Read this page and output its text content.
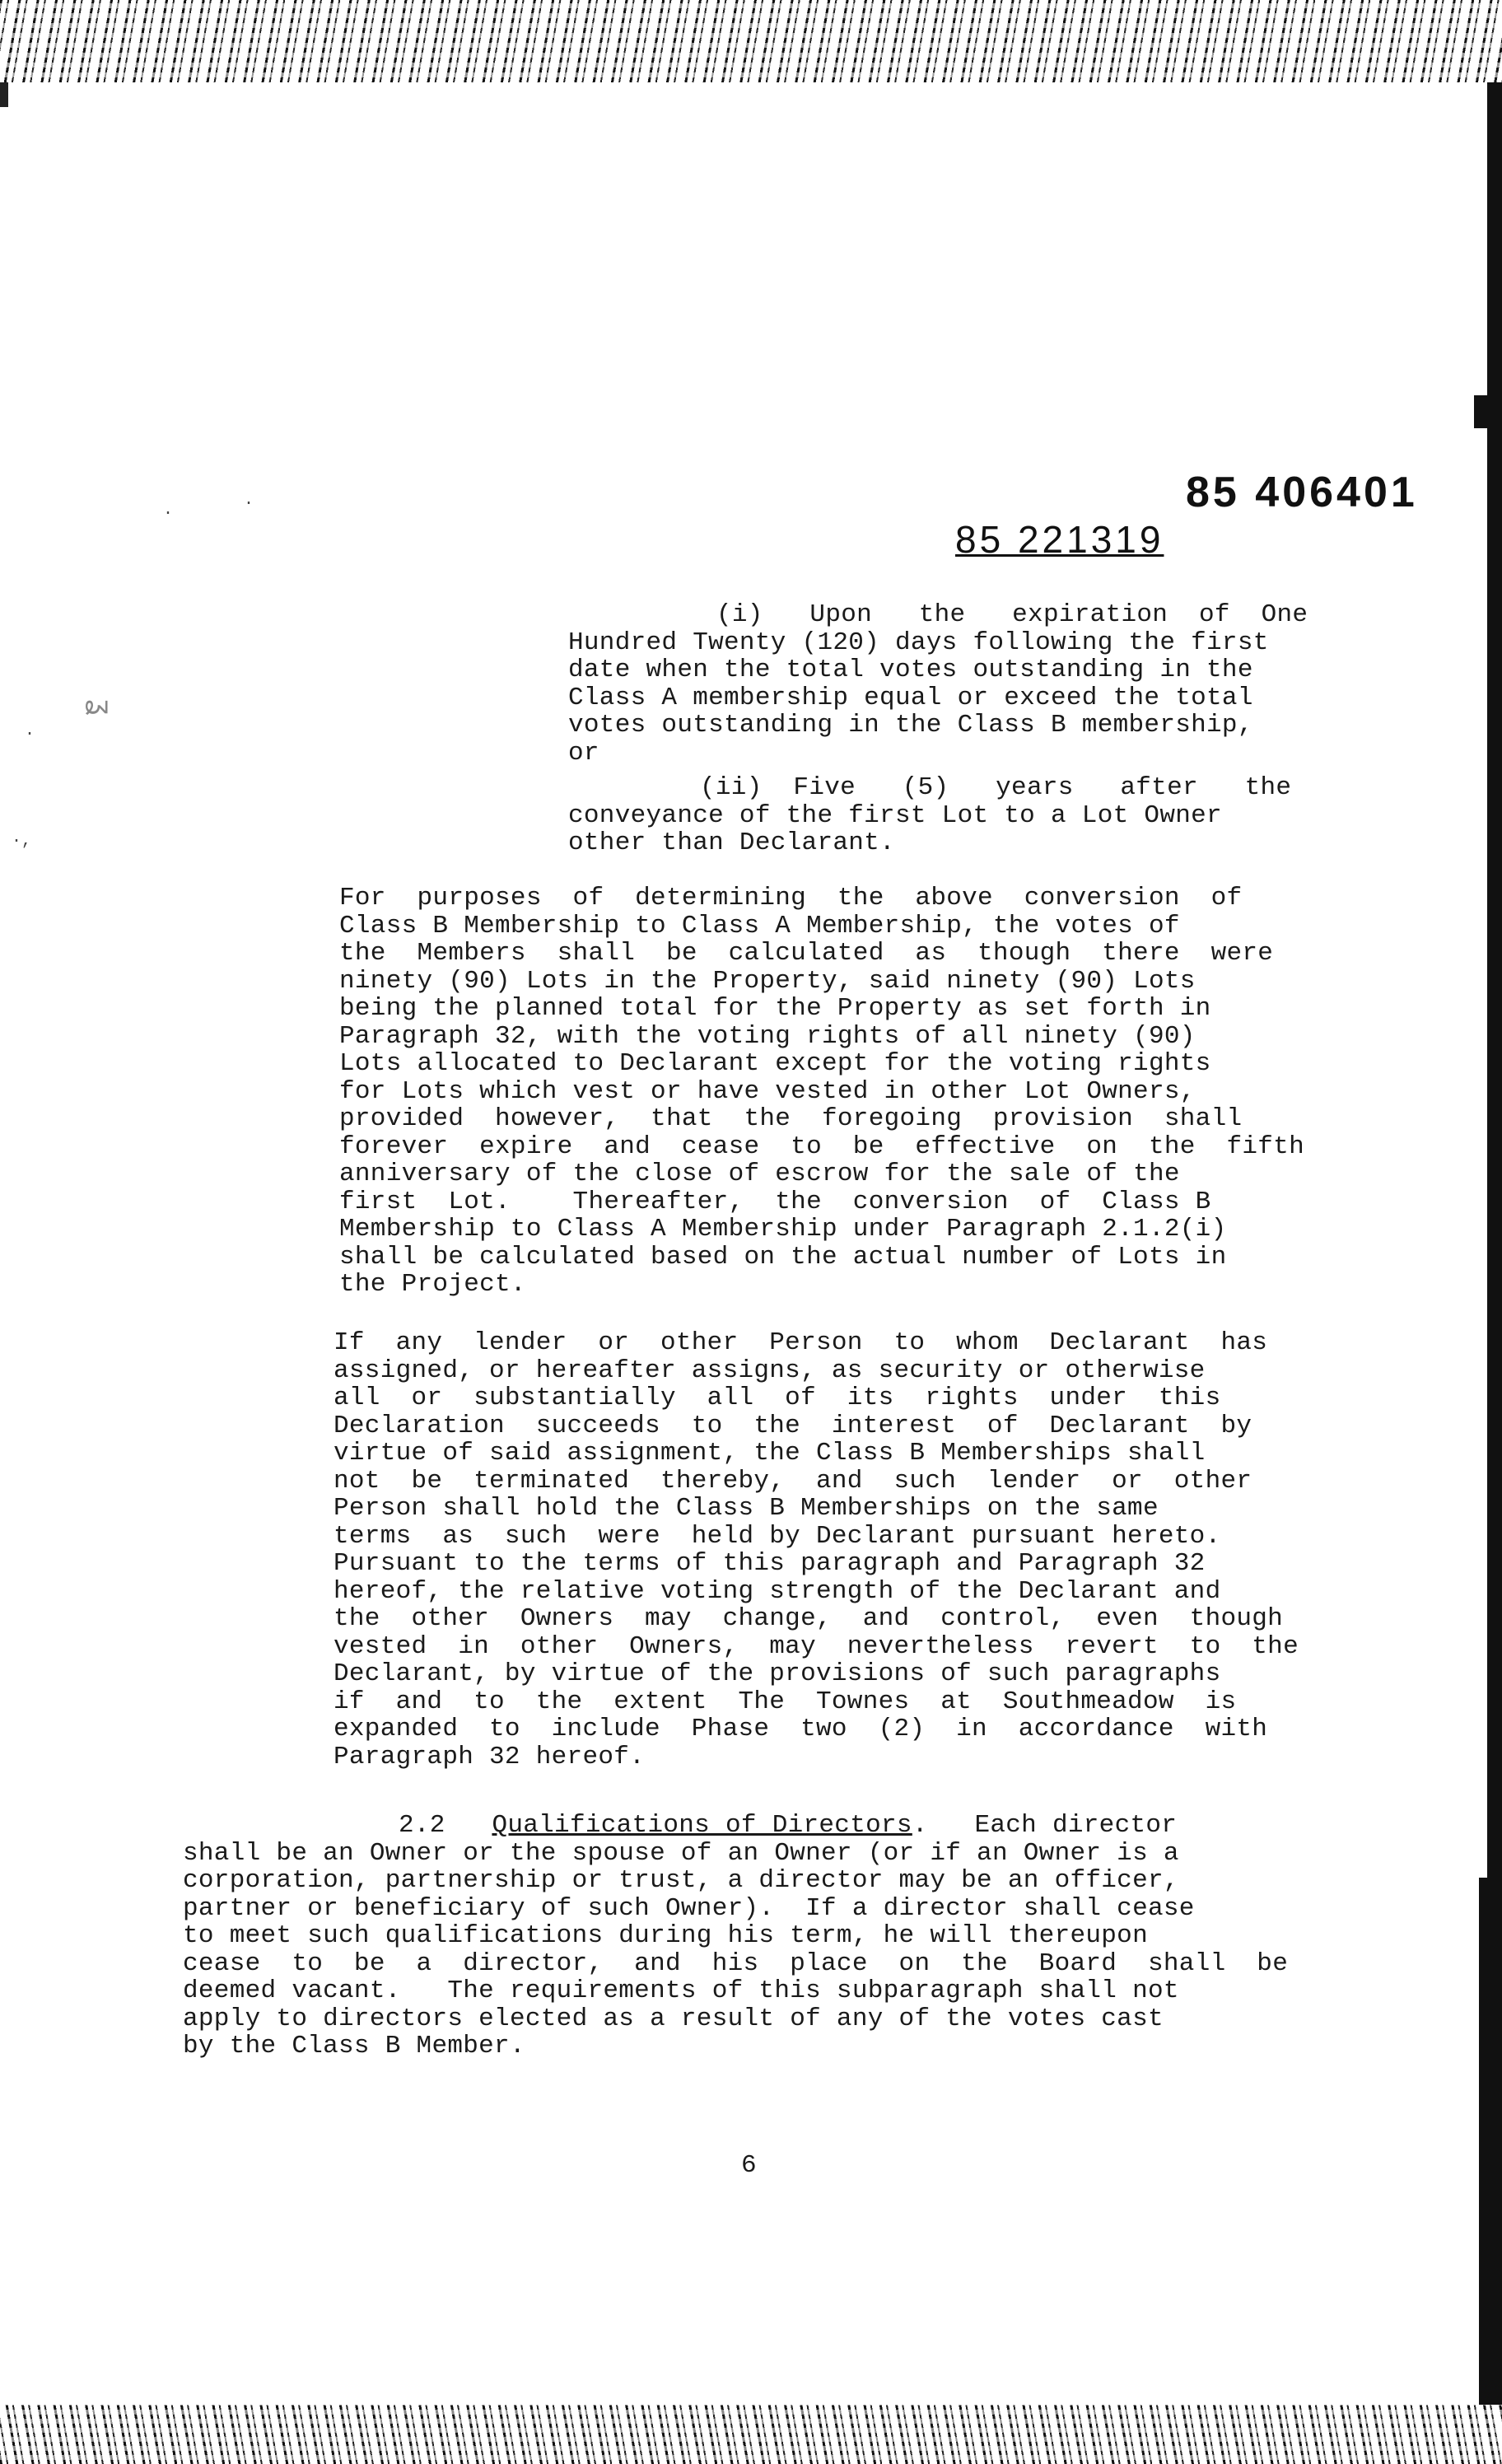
·
·
·
·,
ʓ
85 406401
85 221319
(i)   Upon   the   expiration  of  One
Hundred Twenty (120) days following the first
date when the total votes outstanding in the
Class A membership equal or exceed the total
votes outstanding in the Class B membership,
or
(ii)  Five   (5)   years   after   the
conveyance of the first Lot to a Lot Owner
other than Declarant.
For  purposes  of  determining  the  above  conversion  of
Class B Membership to Class A Membership, the votes of
the  Members  shall  be  calculated  as  though  there  were
ninety (90) Lots in the Property, said ninety (90) Lots
being the planned total for the Property as set forth in
Paragraph 32, with the voting rights of all ninety (90)
Lots allocated to Declarant except for the voting rights
for Lots which vest or have vested in other Lot Owners,
provided  however,  that  the  foregoing  provision  shall
forever  expire  and  cease  to  be  effective  on  the  fifth
anniversary of the close of escrow for the sale of the
first  Lot.    Thereafter,  the  conversion  of  Class B
Membership to Class A Membership under Paragraph 2.1.2(i)
shall be calculated based on the actual number of Lots in
the Project.
If  any  lender  or  other  Person  to  whom  Declarant  has
assigned, or hereafter assigns, as security or otherwise
all  or  substantially  all  of  its  rights  under  this
Declaration  succeeds  to  the  interest  of  Declarant  by
virtue of said assignment, the Class B Memberships shall
not  be  terminated  thereby,  and  such  lender  or  other
Person shall hold the Class B Memberships on the same
terms  as  such  were  held by Declarant pursuant hereto.
Pursuant to the terms of this paragraph and Paragraph 32
hereof, the relative voting strength of the Declarant and
the  other  Owners  may  change,  and  control,  even  though
vested  in  other  Owners,  may  nevertheless  revert  to  the
Declarant, by virtue of the provisions of such paragraphs
if  and  to  the  extent  The  Townes  at  Southmeadow  is
expanded  to  include  Phase  two  (2)  in  accordance  with
Paragraph 32 hereof.
2.2 Qualifications of Directors.   Each director
shall be an Owner or the spouse of an Owner (or if an Owner is a
corporation, partnership or trust, a director may be an officer,
partner or beneficiary of such Owner).  If a director shall cease
to meet such qualifications during his term, he will thereupon
cease  to  be  a  director,  and  his  place  on  the  Board  shall  be
deemed vacant.   The requirements of this subparagraph shall not
apply to directors elected as a result of any of the votes cast
by the Class B Member.
6
